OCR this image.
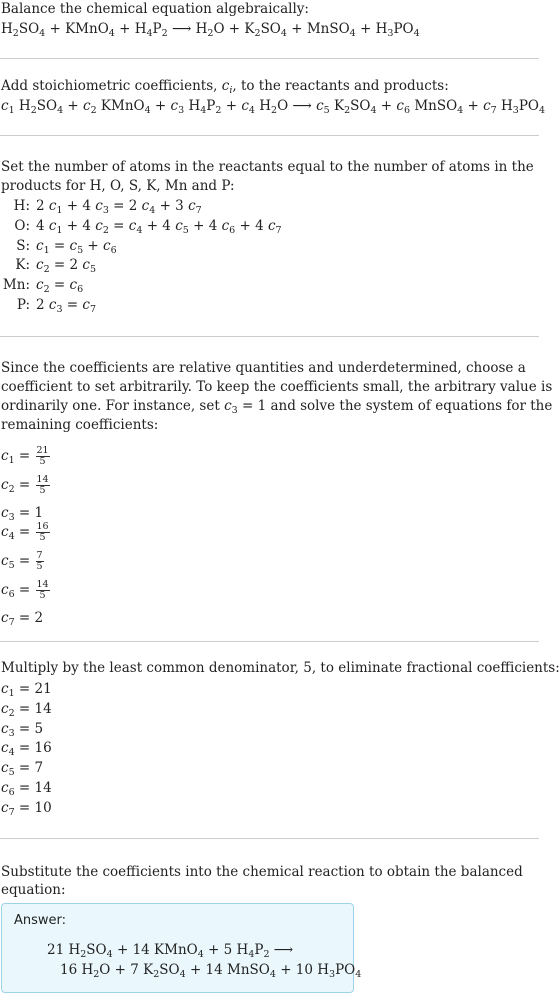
Balance the chemical equation algebraically:
$H_2SO_4$ + KMnO$_4$ + $H_4P_2$ ⟶ $H_2O + K_2SO_4$ + MnSO$_4$ + $H_3PO_4$
Add stoichiometric coefficients, $c_i$, to the reactants and products:
$c_1$ $H_2SO_4 + c_2$ KMnO$_4$ + $c_3$ $H_4P_2 + c_4$ $H_2O$ ⟶ $c_5$ $K_2SO_4 + c_6$ MnSO$_4$ + $c_7$ $H_3PO_4$
Set the number of atoms in the reactants equal to the number of atoms in the
products for H, O, S, K, Mn and P:
H: 2 $c_1 + 4$ $c_3 = 2$ $c_4 + 3$ $c_7$
O: 4 $c_1 + 4$ $c_2 = c_4 + 4$ $c_5 + 4$ $c_6 + 4$ $c_7$
S: $c_1 = c_5 + c_6$
K: $c_2 = 2$ $c_5$
Mn: $c_2 = c_6$
P: 2 $c_3 = c_7$
Since the coefficients are relative quantities and underdetermined, choose a
coefficient to set arbitrarily. To keep the coefficients small, the arbitrary value is
ordinarily one. For instance, set $c_3 = 1$ and solve the system of equations for the
remaining coefficients:
$c_1 = \frac{21}{5}$
$c_2 = \frac{14}{5}$
$c_3 = 1$
$c_4 = \frac{16}{5}$
$c_5 = \frac{7}{5}$
$c_6 = \frac{14}{5}$
$c_7 = 2$
Multiply by the least common denominator, 5, to eliminate fractional coefficients:
$c_1 = 21$
$c_2 = 14$
$c_3 = 5$
$c_4 = 16$
$c_5 = 7$
$c_6 = 14$
$c_7 = 10$
Substitute the coefficients into the chemical reaction to obtain the balanced
equation:
Answer:
21 $H_2SO_4 + 14$ KMnO$_4$ + 5 $H_4P_2$ ⟶
16 $H_2O + 7$ $K_2SO_4 + 14$ MnSO$_4$ + 10 $H_3PO_4$
